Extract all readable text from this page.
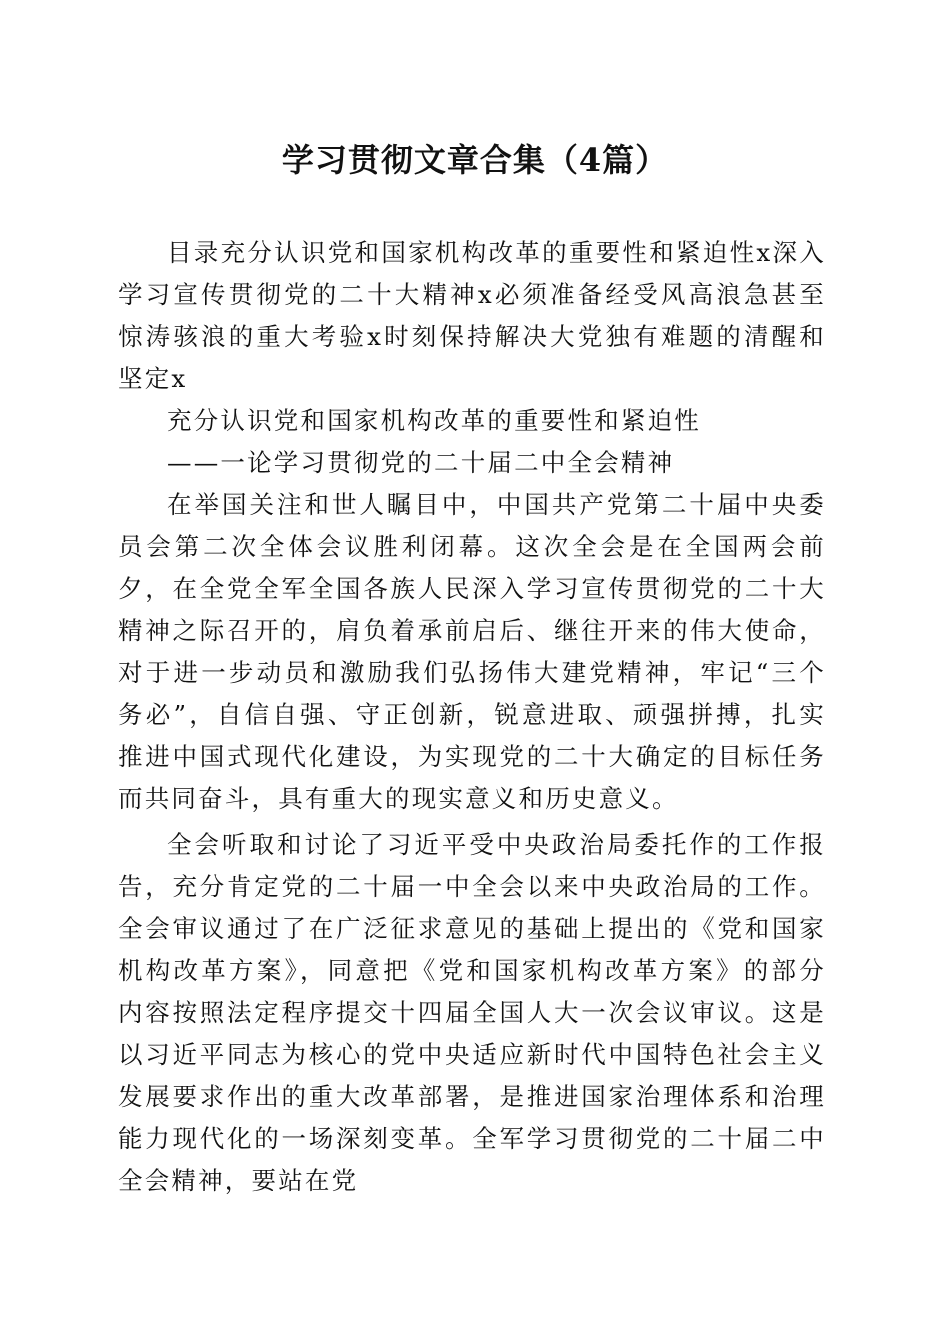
学习贯彻文章合集（4篇）

目录充分认识党和国家机构改革的重要性和紧迫性x深入学习宣传贯彻党的二十大精神x必须准备经受风高浪急甚至惊涛骇浪的重大考验x时刻保持解决大党独有难题的清醒和坚定x

充分认识党和国家机构改革的重要性和紧迫性

——一论学习贯彻党的二十届二中全会精神

在举国关注和世人瞩目中，中国共产党第二十届中央委员会第二次全体会议胜利闭幕。这次全会是在全国两会前夕，在全党全军全国各族人民深入学习宣传贯彻党的二十大精神之际召开的，肩负着承前启后、继往开来的伟大使命，对于进一步动员和激励我们弘扬伟大建党精神，牢记“三个务必”，自信自强、守正创新，锐意进取、顽强拼搏，扎实推进中国式现代化建设，为实现党的二十大确定的目标任务而共同奋斗，具有重大的现实意义和历史意义。

全会听取和讨论了习近平受中央政治局委托作的工作报告，充分肯定党的二十届一中全会以来中央政治局的工作。全会审议通过了在广泛征求意见的基础上提出的《党和国家机构改革方案》，同意把《党和国家机构改革方案》的部分内容按照法定程序提交十四届全国人大一次会议审议。这是以习近平同志为核心的党中央适应新时代中国特色社会主义发展要求作出的重大改革部署，是推进国家治理体系和治理能力现代化的一场深刻变革。全军学习贯彻党的二十届二中全会精神，要站在党
